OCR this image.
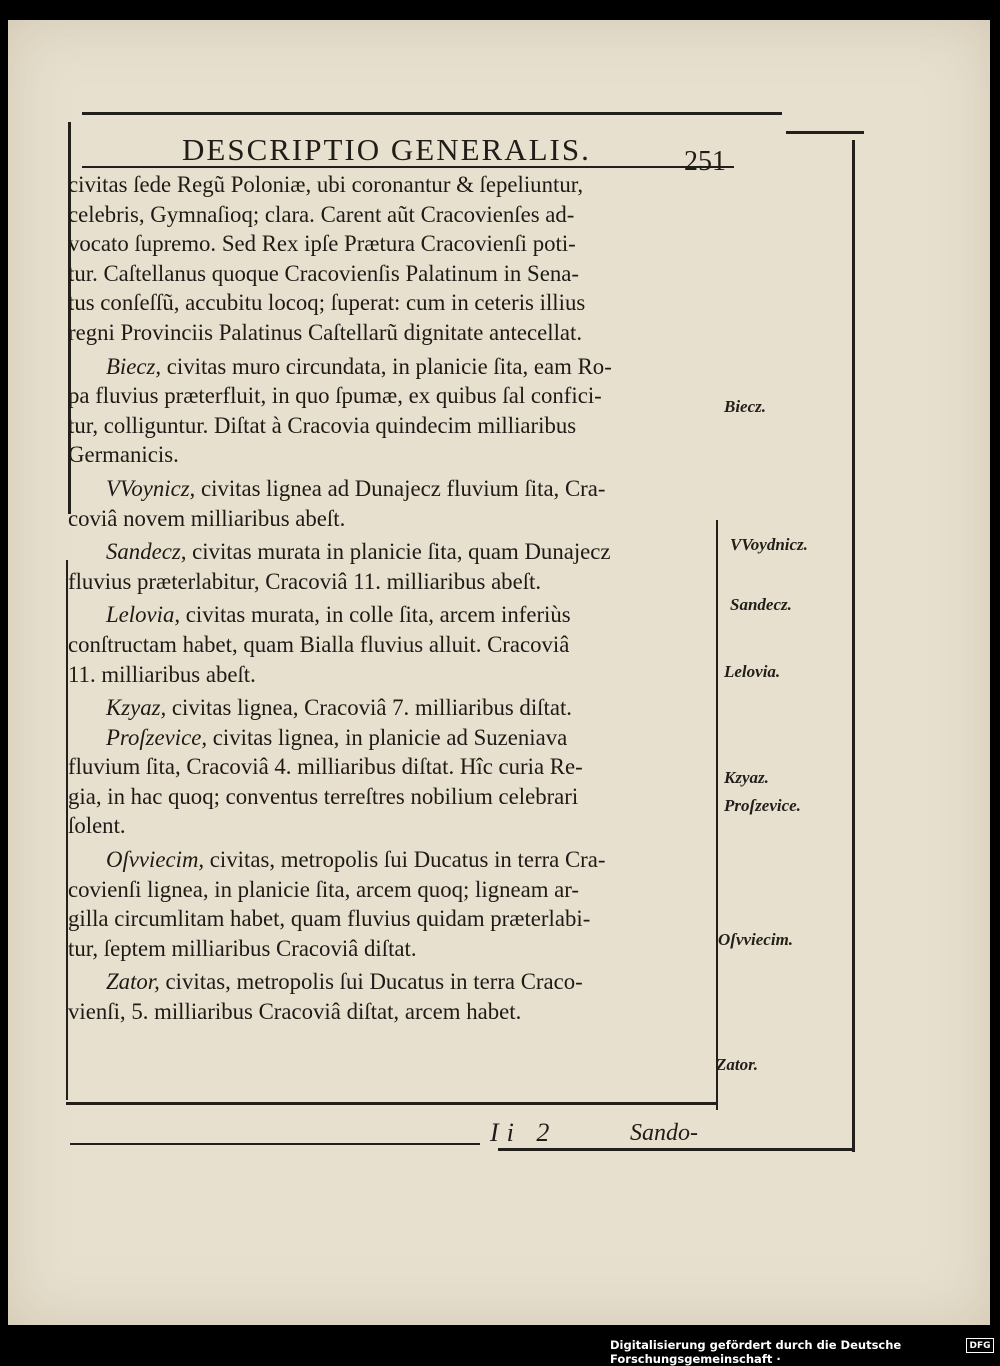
DESCRIPTIO GENERALIS.	251

civitas ſede Regũ Poloniæ, ubi coronantur & ſepeliuntur,
celebris, Gymnaſioq; clara. Carent aũt Cracovienſes ad-
vocato ſupremo. Sed Rex ipſe Prætura Cracovienſi poti-
tur. Caſtellanus quoque Cracovienſis Palatinum in Sena-
tus conſeſſũ, accubitu locoq; ſuperat: cum in ceteris illius
regni Provinciis Palatinus Caſtellarũ dignitate antecellat.

Biecz, civitas muro circundata, in planicie ſita, eam Ro-
pa fluvius præterfluit, in quo ſpumæ, ex quibus ſal confici-
tur, colliguntur. Diſtat à Cracovia quindecim milliaribus
Germanicis.

VVoynicz, civitas lignea ad Dunajecz fluvium ſita, Cra-
coviâ novem milliaribus abeſt.

Sandecz, civitas murata in planicie ſita, quam Dunajecz
fluvius præterlabitur, Cracoviâ 11. milliaribus abeſt.

Lelovia, civitas murata, in colle ſita, arcem inferiùs
conſtructam habet, quam Bialla fluvius alluit. Cracoviâ
11. milliaribus abeſt.

Kzyaz, civitas lignea, Cracoviâ 7. milliaribus diſtat.

Proſzevice, civitas lignea, in planicie ad Suzeniava
fluvium ſita, Cracoviâ 4. milliaribus diſtat. Hîc curia Re-
gia, in hac quoq; conventus terreſtres nobilium celebrari
ſolent.

Oſvviecim, civitas, metropolis ſui Ducatus in terra Cra-
covienſi lignea, in planicie ſita, arcem quoq; ligneam ar-
gilla circumlitam habet, quam fluvius quidam præterlabi-
tur, ſeptem milliaribus Cracoviâ diſtat.

Zator, civitas, metropolis ſui Ducatus in terra Craco-
vienſi, 5. milliaribus Cracoviâ diſtat, arcem habet.

Biecz.
VVoydnicz.
Sandecz.
Lelovia.
Kzyaz.
Proſzevice.
Oſvviecim.
Zator.
Ii 2	Sando-
Digitalisierung gefördert durch die Deutsche Forschungsgemeinschaft ·
DFG
